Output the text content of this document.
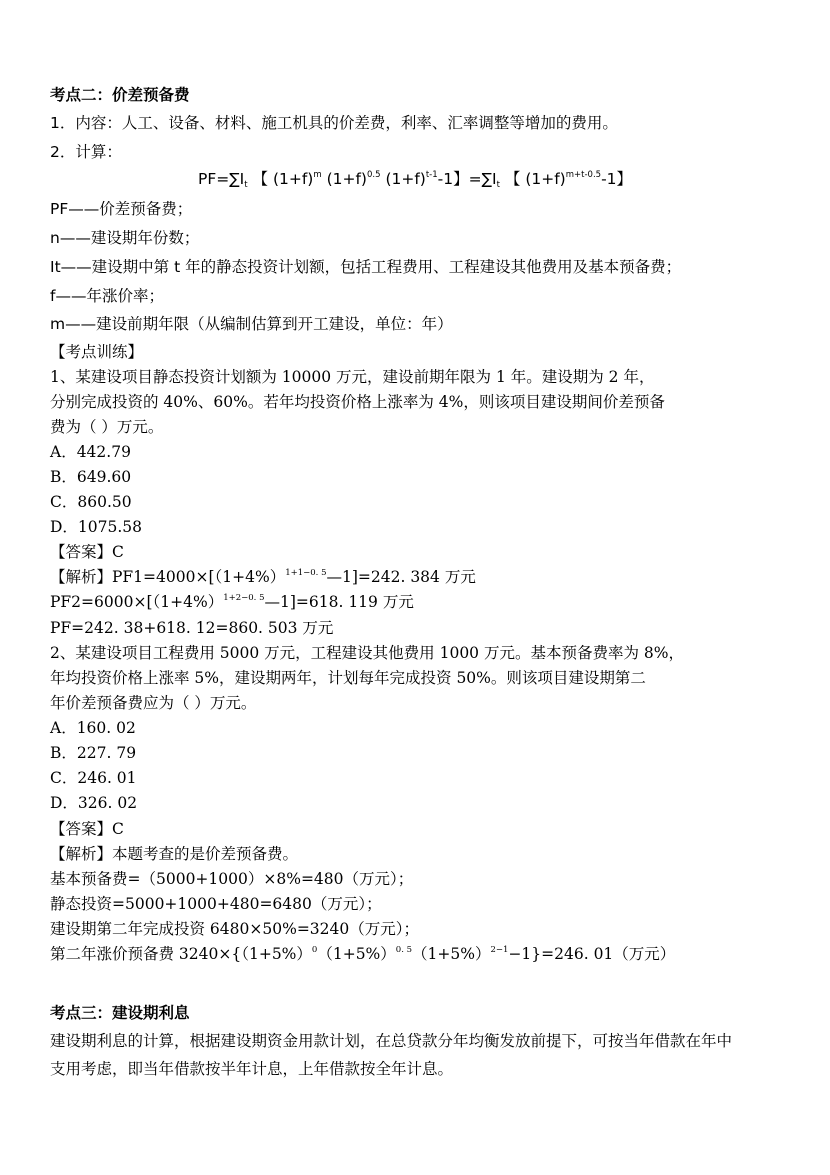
考点二：价差预备费
1．内容：人工、设备、材料、施工机具的价差费，利率、汇率调整等增加的费用。
2．计算：
$PF=\sum I_t$ 【 $(1+f)^m$ $(1+f)^{0.5}$ $(1+f)^{t-1}-1$】$=\sum I_t$ 【 $(1+f)^{m+t-0.5}-1$】
PF——价差预备费；
n——建设期年份数；
It——建设期中第 t 年的静态投资计划额，包括工程费用、工程建设其他费用及基本预备费；
f——年涨价率；
m——建设前期年限（从编制估算到开工建设，单位：年）
【考点训练】
1、某建设项目静态投资计划额为 10000 万元，建设前期年限为 1 年。建设期为 2 年，
分别完成投资的 40%、60%。若年均投资价格上涨率为 4%，则该项目建设期间价差预备
费为（ ）万元。
A．442.79
B．649.60
C．860.50
D．1075.58
【答案】C
【解析】$PF1=4000\times[(1+4\%)^{1+1-0. 5}—1]=242$. 384 万元
$PF2=6000\times[(1+4\%)^{1+2-0. 5}—1]=618$. 119 万元
PF=242. 38+618. 12=860. 503 万元
2、某建设项目工程费用 5000 万元，工程建设其他费用 1000 万元。基本预备费率为 8%，
年均投资价格上涨率 5%，建设期两年，计划每年完成投资 50%。则该项目建设期第二
年价差预备费应为（ ）万元。
A．160. 02
B．227. 79
C．246. 01
D．326. 02
【答案】C
【解析】本题考查的是价差预备费。
基本预备费=（5000+1000）×8%=480（万元）；
静态投资=5000+1000+480=6480（万元）；
建设期第二年完成投资 6480×50%=3240（万元）；
第二年涨价预备费 $3240\times\{(1+5\%)^0(1+5\%)^{0. 5}(1+5\%)^{2-1}-1\}=246$. 01（万元）
考点三：建设期利息
建设期利息的计算，根据建设期资金用款计划，在总贷款分年均衡发放前提下，可按当年借款在年中
支用考虑，即当年借款按半年计息，上年借款按全年计息。
